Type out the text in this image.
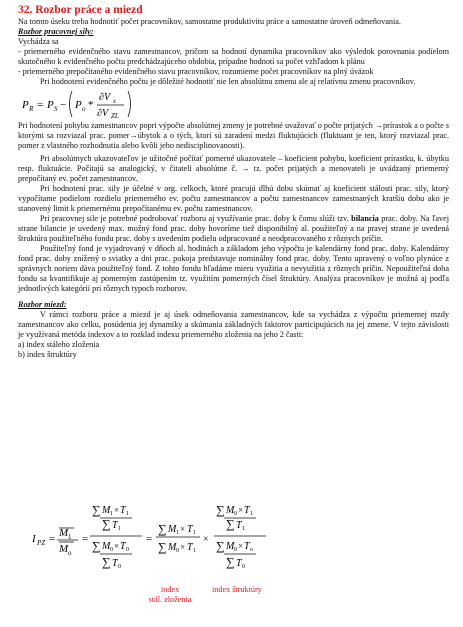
32. Rozbor práce a miezd

Na tomto úseku treba hodnotiť počet pracovníkov, samostatne produktivitu práce a samostatne úroveň odmeňovania.

Rozbor pracovnej sily:

Vychádza sa

- priemerného evidenčného stavu zamestnancov, pričom sa hodnotí dynamika pracovníkov ako výsledok porovnania podielom skutočného k evidenčného počtu predchádzajúceho obdobia, prípadne hodnotí sa počet vzhľadom k plánu

- priemerného prepočítaného evidenčného stavu pracovníkov, rozumieme počet pracovníkov na plný úväzok

Pri hodnotení evidenčného počtu je dôležité hodnotiť nie len absolútnu zmenu ale aj relatívnu zmenu pracovníkov.

P R = P S − P o *
∂V s
∂V ZL

Pri hodnotení pohybu zamestnancov popri výpočte absolútnej zmeny je potrebné uvažovať o počte prijatých →prírastok a o počte s ktorými sa rozviazal prac. pomer→úbytok a o tých, ktorí sú zaradení medzi fluktujúcich (fluktuant je ten, ktorý rozviazal prac. pomer z vlastného rozhodnutia alebo kvôli jeho nedisciplinovanosti).

Pri absolútnych ukazovateľov je užitočné počítať pomerné ukazovatele – koeficient pohybu, koeficient prírastku, k. úbytku resp. fluktuácie. Počítajú sa analogický, v čitateli absolútne č. → tz. počet prijatých a menovateli je uvádzaný priemerný prepočítaný ev. počet zamestnancov.

Pri hodnotení prac. sily je účelné v org. celkoch, ktoré pracujú dlhú dobu skúmať aj koeficient stálosti prac. sily, ktorý vypočítame podielom rozdielu priemerného ev. počtu zamestnancov a počtu zamestnancov zamestnaných kratšiu dobu ako je stanovený limit k priemernému prepočítanému ev. počtu zamestnancov.

Pri pracovnej sile je potrebné podrobovať rozboru aj využívanie prac. doby k čomu slúži tzv. bilancia prac. doby. Na ľavej strane bilancie je uvedený max. možný fond prac. doby hovoríme tiež disponibilný al. použiteľný a na pravej strane je uvedená štruktúra použiteľného fondu prac. doby s uvedením podielu odpracované a neodpracovaného z rôznych príčin.

Použiteľný fond je vyjadrovaný v dňoch al. hodinách a základom jeho výpočtu je kalendárny fond prac. doby. Kalendárny fond prac. doby znížený o sviatky a dni prac. pokoja predstavuje nominálny fond prac. doby. Tento upravený o voľno plynúce z správnych noriem dáva použiteľný fond. Z tohto fondu hľadáme mieru využitia a nevyužitia z rôznych príčin. Nepoužiteľná doba fondu sa kvantifikuje aj pomerným zastúpením tz. využitím pomerných čísel štruktúry. Analýza pracovníkov je možná aj podľa jednotlivých kategórií pri rôznych typoch rozborov.

Rozbor miezd:

V rámci rozboru práce a miezd je aj úsek odmeňovania zamestnancov, kde sa vychádza z výpočtu priemernej mzdy zamestnancov ako celku, posúdenia jej dynamiky a skúmania základných faktorov participujúcich na jej zmene. V tejto závislosti je využívaná metóda indexov a to rozklad indexu priemerného zloženia na jeho 2 časti:

a) index stáleho zloženia

b) index štruktúry

I PZ = M 1
M o
=
∑ M 1 × T 1
∑ T 1
∑ M 0 × T 0
∑ T 0
=
∑ M 1 × T 1
∑ M 0 × T 1
×
∑ M 0 × T 1
∑ T 1
∑ M 0 × T o
∑ T 0
index
stál. zloženia
index štruktúry
